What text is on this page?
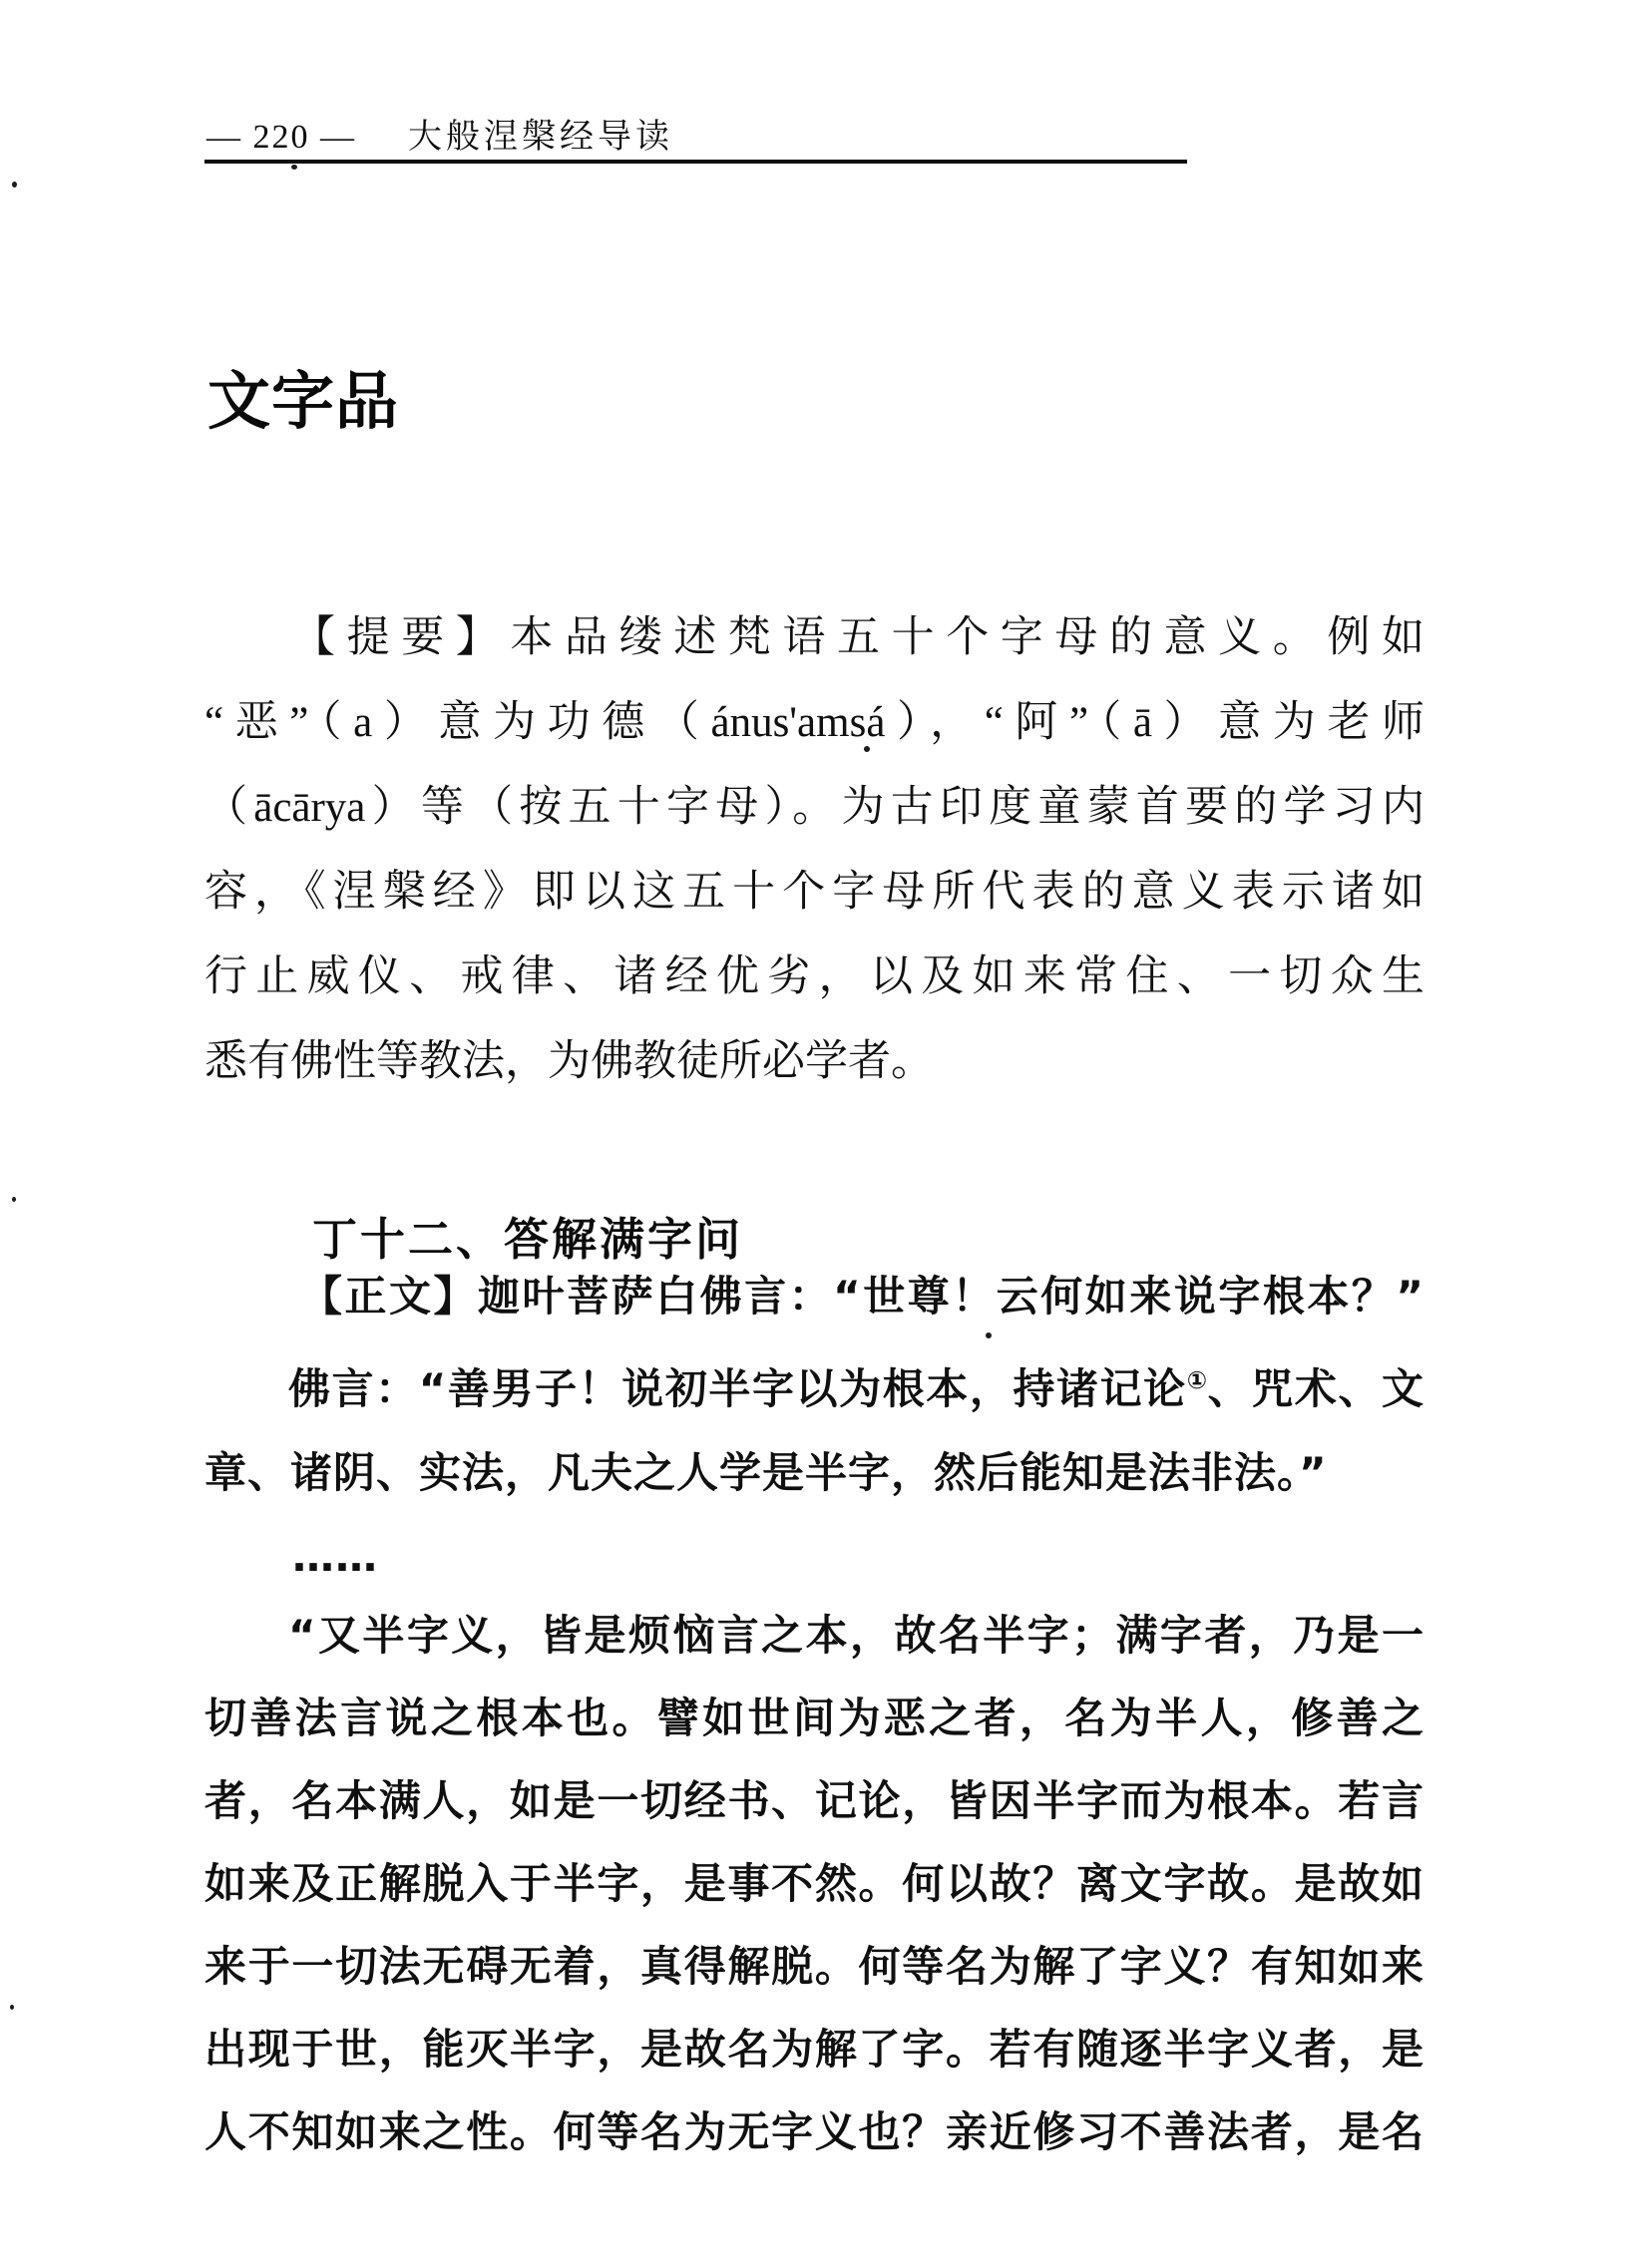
— 220 — 大般涅槃经导读
文字品
【提要】本品缕述梵语五十个字母的意义。例如
“恶”（a）意为功德（ánus'amsá），“阿”（ā）意为老师
（ācārya）等（按五十字母）。为古印度童蒙首要的学习内
容，《涅槃经》即以这五十个字母所代表的意义表示诸如
行止威仪、戒律、诸经优劣，以及如来常住、一切众生
悉有佛性等教法，为佛教徒所必学者。
丁十二、答解满字问
【正文】迦叶菩萨白佛言：“世尊！云何如来说字根本？”
佛言：“善男子！说初半字以为根本，持诸记论①、咒术、文
章、诸阴、实法，凡夫之人学是半字，然后能知是法非法。”
……
“又半字义，皆是烦恼言之本，故名半字；满字者，乃是一
切善法言说之根本也。譬如世间为恶之者，名为半人，修善之
者，名本满人，如是一切经书、记论，皆因半字而为根本。若言
如来及正解脱入于半字，是事不然。何以故？离文字故。是故如
来于一切法无碍无着，真得解脱。何等名为解了字义？有知如来
出现于世，能灭半字，是故名为解了字。若有随逐半字义者，是
人不知如来之性。何等名为无字义也？亲近修习不善法者，是名
